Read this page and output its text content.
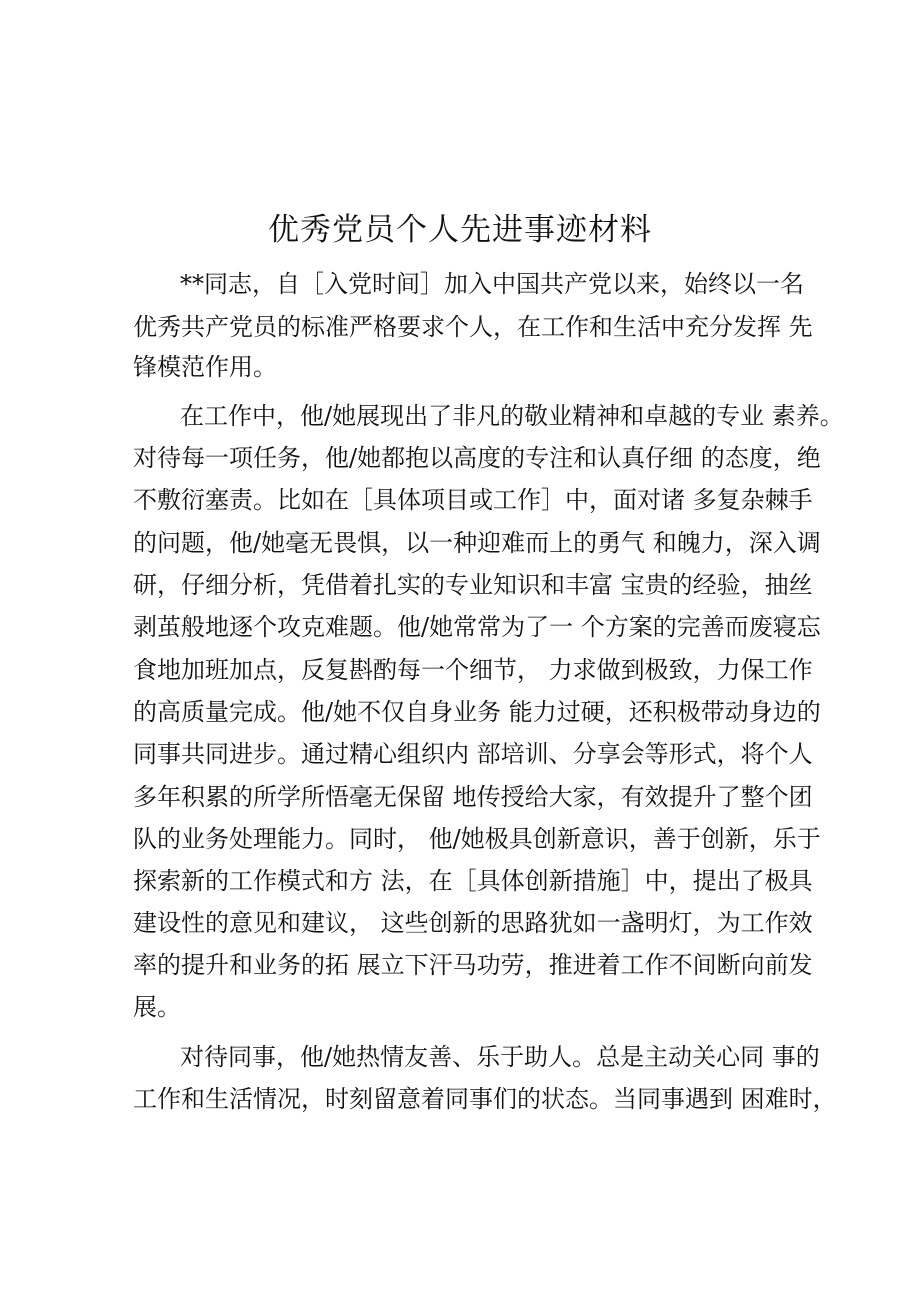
优秀党员个人先进事迹材料
**同志，自［入党时间］加入中国共产党以来，始终以一名
优秀共产党员的标准严格要求个人，在工作和生活中充分发挥 先
锋模范作用。
在工作中，他/她展现出了非凡的敬业精神和卓越的专业 素养。
对待每一项任务，他/她都抱以高度的专注和认真仔细 的态度，绝
不敷衍塞责。比如在［具体项目或工作］中，面对诸 多复杂棘手
的问题，他/她毫无畏惧，以一种迎难而上的勇气 和魄力，深入调
研，仔细分析，凭借着扎实的专业知识和丰富 宝贵的经验，抽丝
剥茧般地逐个攻克难题。他/她常常为了一 个方案的完善而废寝忘
食地加班加点，反复斟酌每一个细节， 力求做到极致，力保工作
的高质量完成。他/她不仅自身业务 能力过硬，还积极带动身边的
同事共同进步。通过精心组织内 部培训、分享会等形式，将个人
多年积累的所学所悟毫无保留 地传授给大家，有效提升了整个团
队的业务处理能力。同时， 他/她极具创新意识，善于创新，乐于
探索新的工作模式和方 法，在［具体创新措施］中，提出了极具
建设性的意见和建议， 这些创新的思路犹如一盏明灯，为工作效
率的提升和业务的拓 展立下汗马功劳，推进着工作不间断向前发
展。
对待同事，他/她热情友善、乐于助人。总是主动关心同 事的
工作和生活情况，时刻留意着同事们的状态。当同事遇到 困难时，
